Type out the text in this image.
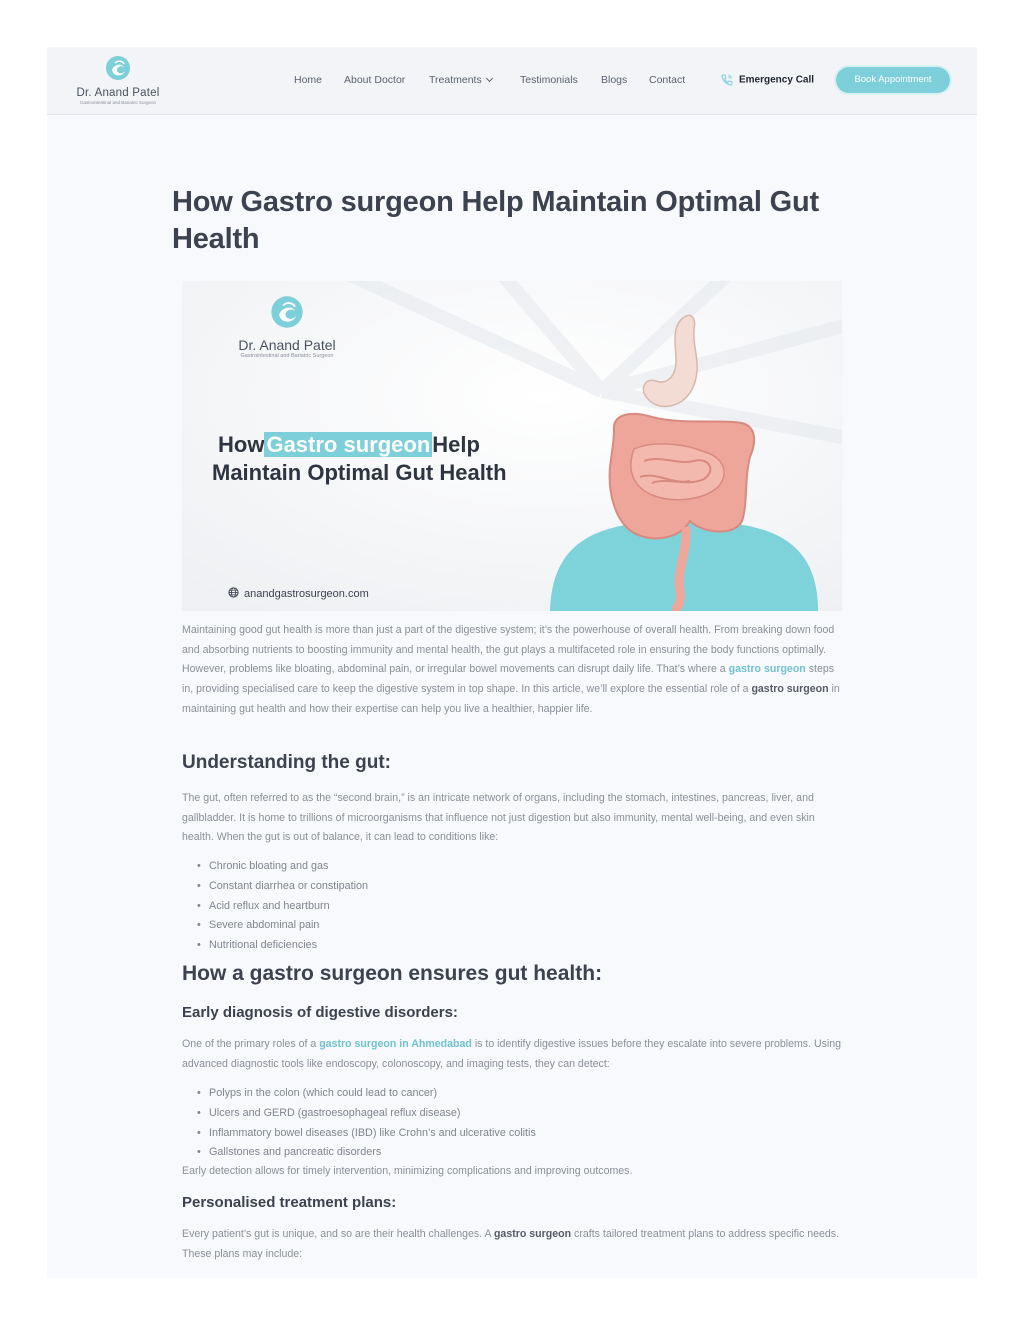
Dr. Anand Patel
Gastrointestinal and Bariatric Surgeon
Home About Doctor Treatments	Testimonials Blogs Contact	Emergency Call	Book Appointment
How Gastro surgeon Help Maintain Optimal Gut Health
Dr. Anand Patel
Gastrointestinal and Bariatric Surgeon
HowGastro surgeonHelp
Maintain Optimal Gut Health
anandgastrosurgeon.com

Maintaining good gut health is more than just a part of the digestive system; it’s the powerhouse of overall health. From breaking down food and absorbing nutrients to boosting immunity and mental health, the gut plays a multifaceted role in ensuring the body functions optimally. However, problems like bloating, abdominal pain, or irregular bowel movements can disrupt daily life. That’s where a gastro surgeon steps in, providing specialised care to keep the digestive system in top shape. In this article, we’ll explore the essential role of a gastro surgeon in maintaining gut health and how their expertise can help you live a healthier, happier life.

Understanding the gut:

The gut, often referred to as the “second brain,” is an intricate network of organs, including the stomach, intestines, pancreas, liver, and gallbladder. It is home to trillions of microorganisms that influence not just digestion but also immunity, mental well-being, and even skin health. When the gut is out of balance, it can lead to conditions like:

• Chronic bloating and gas
• Constant diarrhea or constipation
• Acid reflux and heartburn
• Severe abdominal pain
• Nutritional deficiencies
How a gastro surgeon ensures gut health:
Early diagnosis of digestive disorders:

One of the primary roles of a gastro surgeon in Ahmedabad is to identify digestive issues before they escalate into severe problems. Using advanced diagnostic tools like endoscopy, colonoscopy, and imaging tests, they can detect:

• Polyps in the colon (which could lead to cancer)
• Ulcers and GERD (gastroesophageal reflux disease)
• Inflammatory bowel diseases (IBD) like Crohn’s and ulcerative colitis
• Gallstones and pancreatic disorders

Early detection allows for timely intervention, minimizing complications and improving outcomes.

Personalised treatment plans:

Every patient’s gut is unique, and so are their health challenges. A gastro surgeon crafts tailored treatment plans to address specific needs. These plans may include:
